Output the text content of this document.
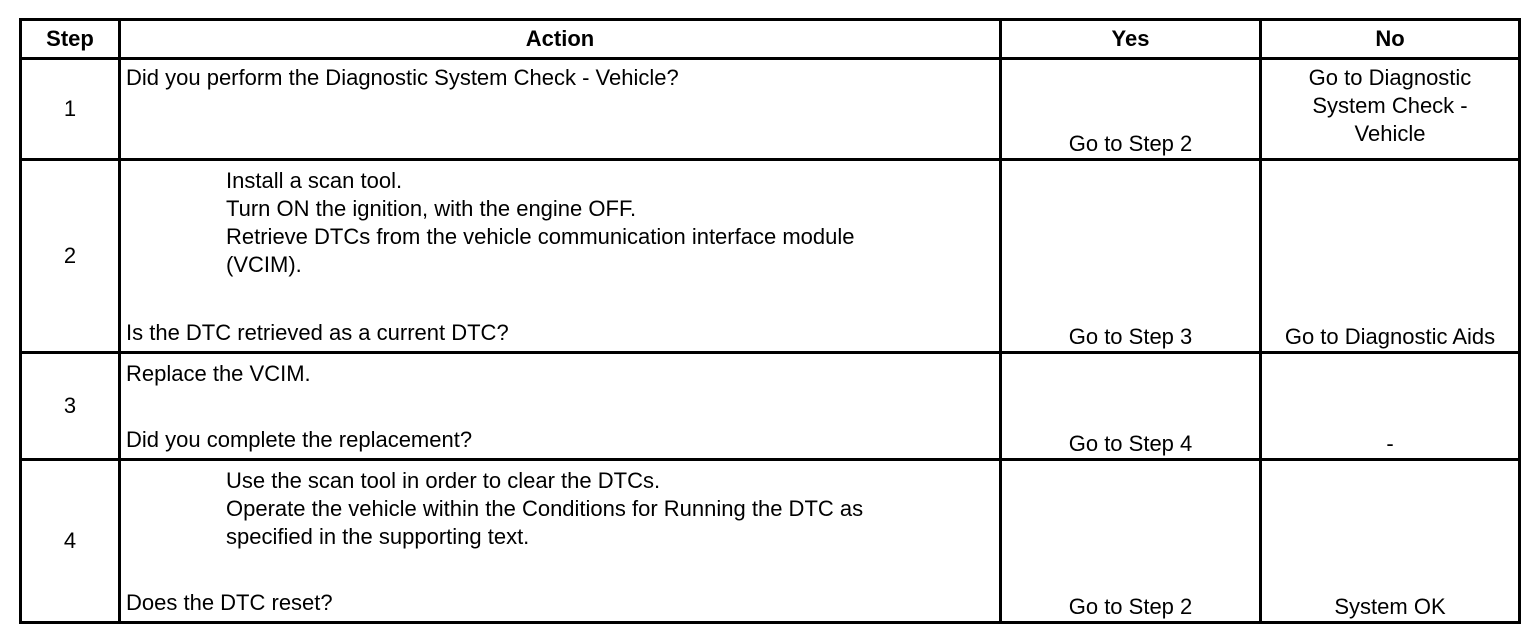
Step	Action	Yes	No
1	Did you perform the Diagnostic System Check - Vehicle?	Go to Step 2	Go to Diagnostic
System Check -
Vehicle

2	Install a scan tool.
Turn ON the ignition, with the engine OFF.
Retrieve DTCs from the vehicle communication interface module
(VCIM).
Is the DTC retrieved as a current DTC?	Go to Step 3	Go to Diagnostic Aids
3	Replace the VCIM.
Did you complete the replacement?	Go to Step 4	-
4	Use the scan tool in order to clear the DTCs.
Operate the vehicle within the Conditions for Running the DTC as
specified in the supporting text.
Does the DTC reset?	Go to Step 2	System OK
